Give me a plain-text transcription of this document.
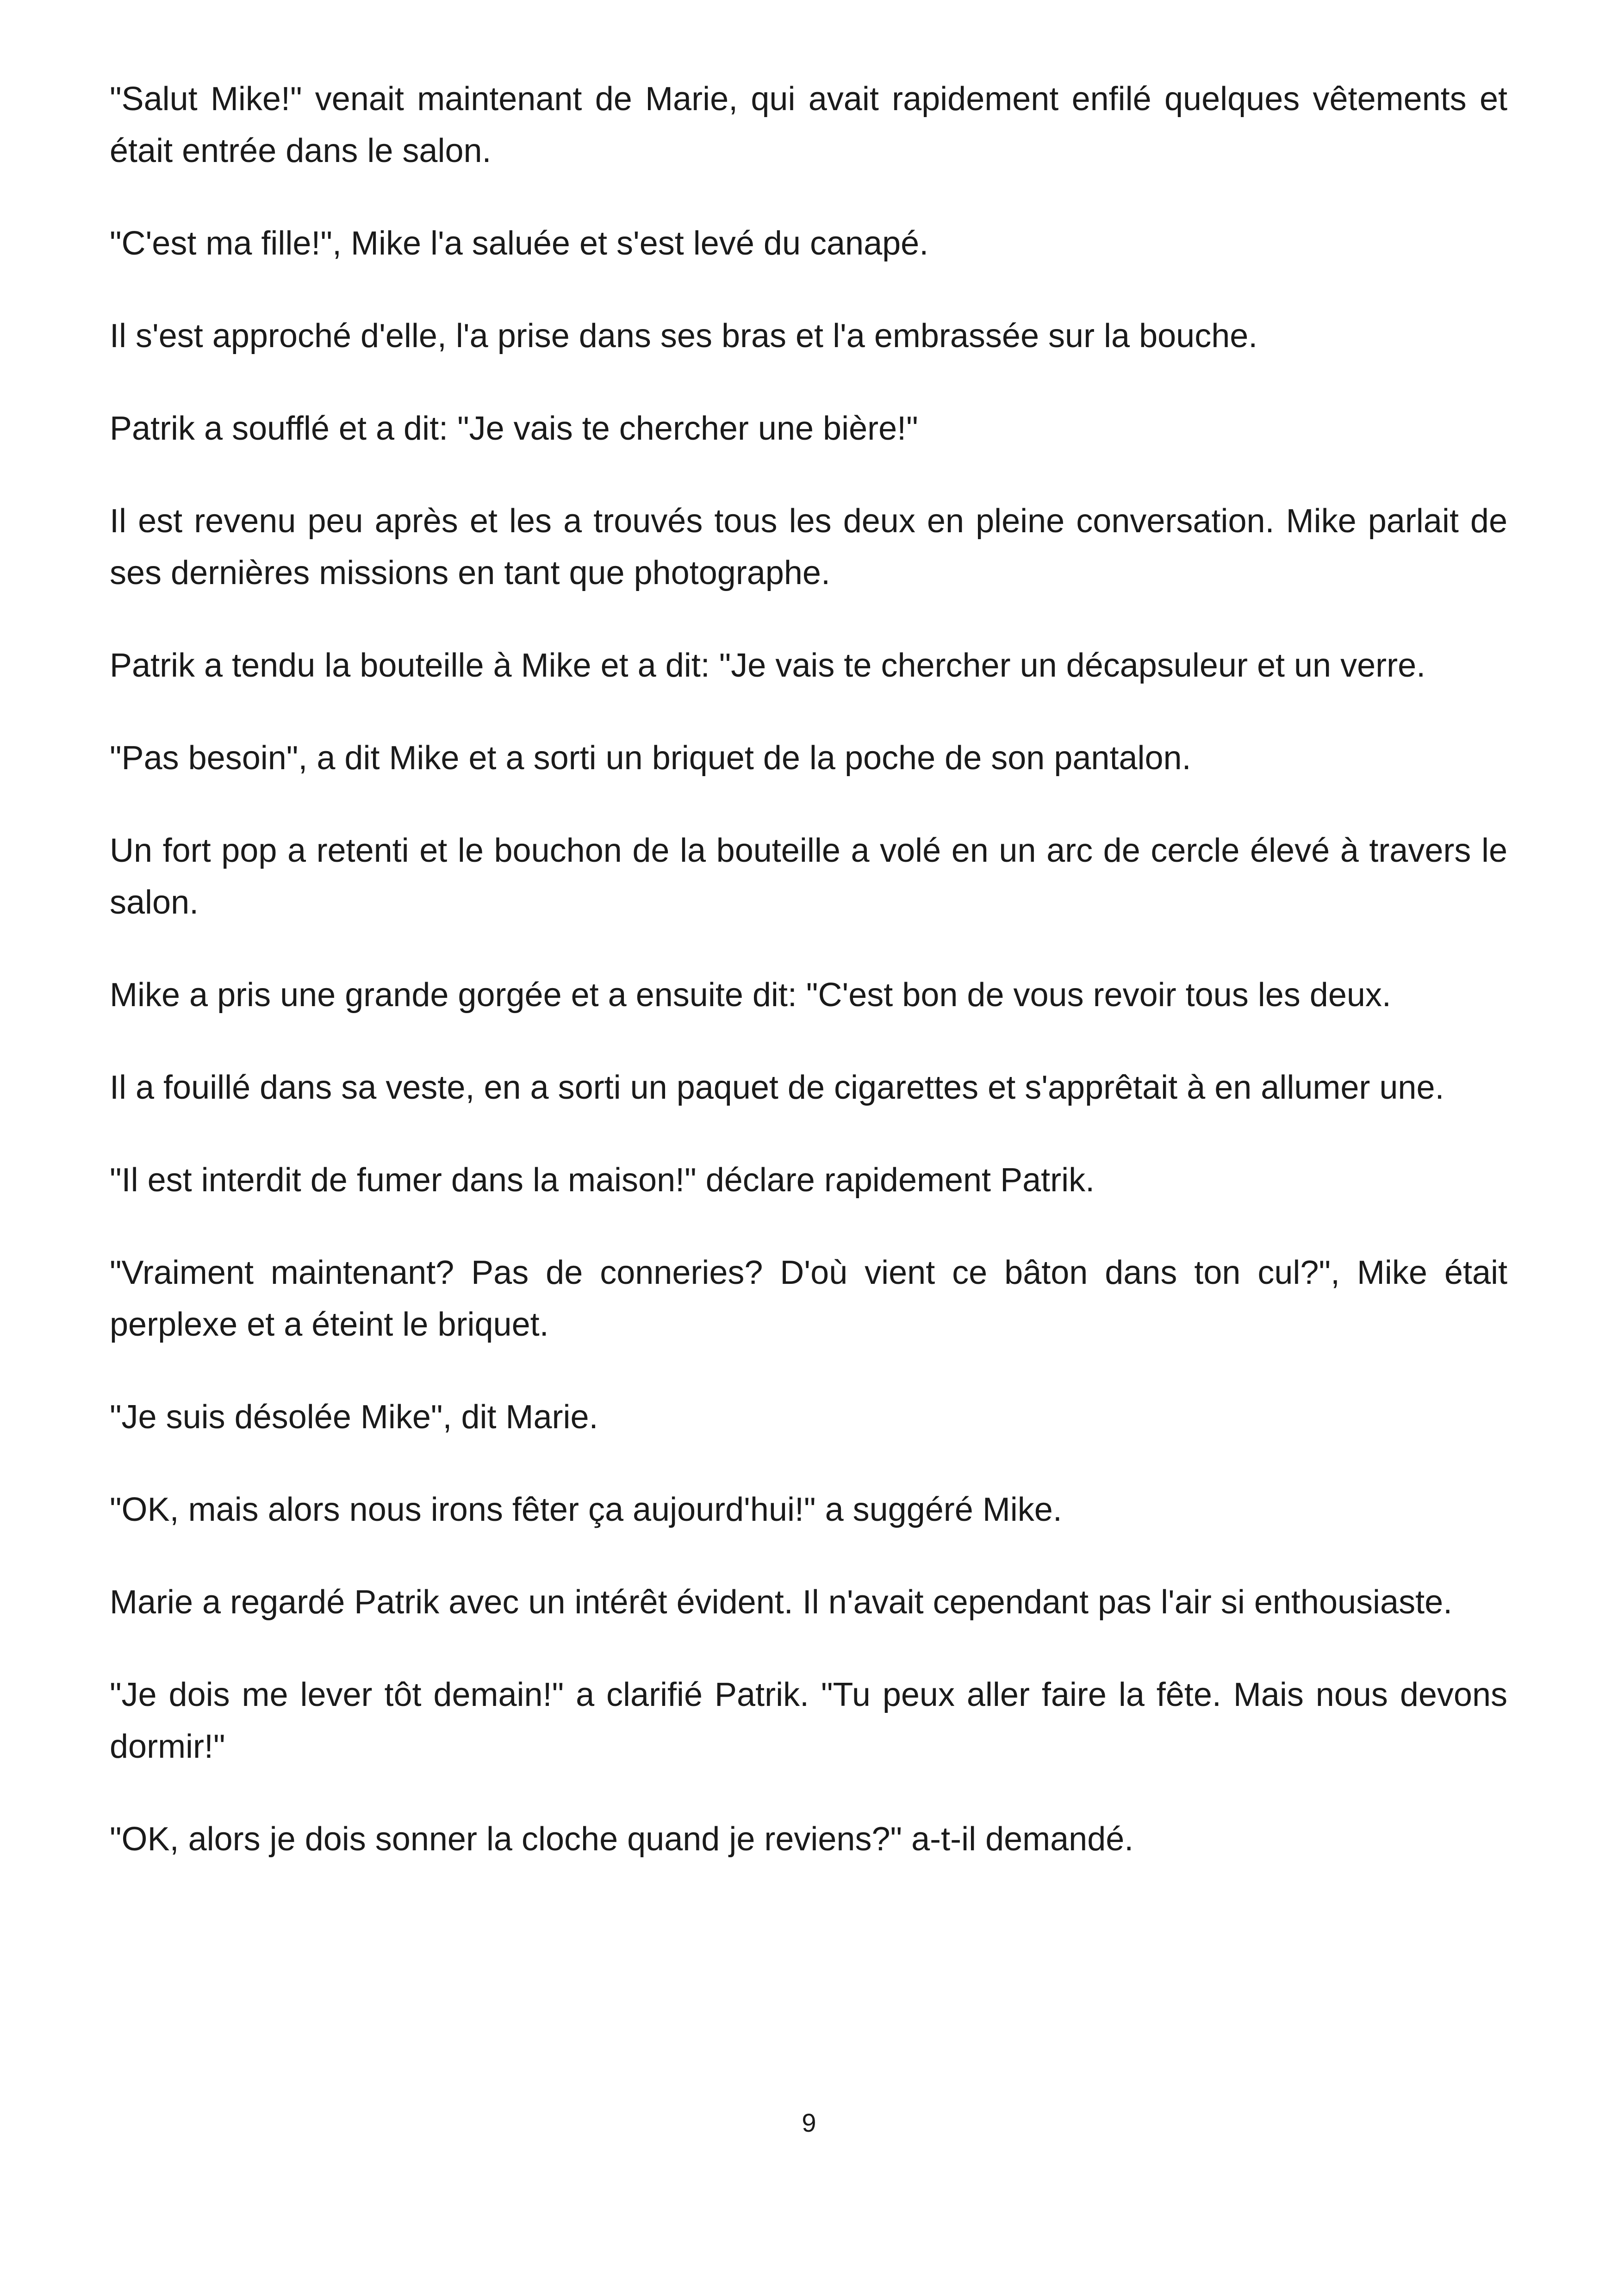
"Salut Mike!" venait maintenant de Marie, qui avait rapidement enfilé quelques vêtements et était entrée dans le salon.

"C'est ma fille!", Mike l'a saluée et s'est levé du canapé.

Il s'est approché d'elle, l'a prise dans ses bras et l'a embrassée sur la bouche.

Patrik a soufflé et a dit: "Je vais te chercher une bière!"

Il est revenu peu après et les a trouvés tous les deux en pleine conversation. Mike parlait de ses dernières missions en tant que photographe.

Patrik a tendu la bouteille à Mike et a dit: "Je vais te chercher un décapsuleur et un verre.

"Pas besoin", a dit Mike et a sorti un briquet de la poche de son pantalon.

Un fort pop a retenti et le bouchon de la bouteille a volé en un arc de cercle élevé à travers le salon.

Mike a pris une grande gorgée et a ensuite dit: "C'est bon de vous revoir tous les deux.

Il a fouillé dans sa veste, en a sorti un paquet de cigarettes et s'apprêtait à en allumer une.

"Il est interdit de fumer dans la maison!" déclare rapidement Patrik.

"Vraiment maintenant? Pas de conneries? D'où vient ce bâton dans ton cul?", Mike était perplexe et a éteint le briquet.

"Je suis désolée Mike", dit Marie.

"OK, mais alors nous irons fêter ça aujourd'hui!" a suggéré Mike.

Marie a regardé Patrik avec un intérêt évident. Il n'avait cependant pas l'air si enthousiaste.

"Je dois me lever tôt demain!" a clarifié Patrik. "Tu peux aller faire la fête. Mais nous devons dormir!"

"OK, alors je dois sonner la cloche quand je reviens?" a-t-il demandé.

9
